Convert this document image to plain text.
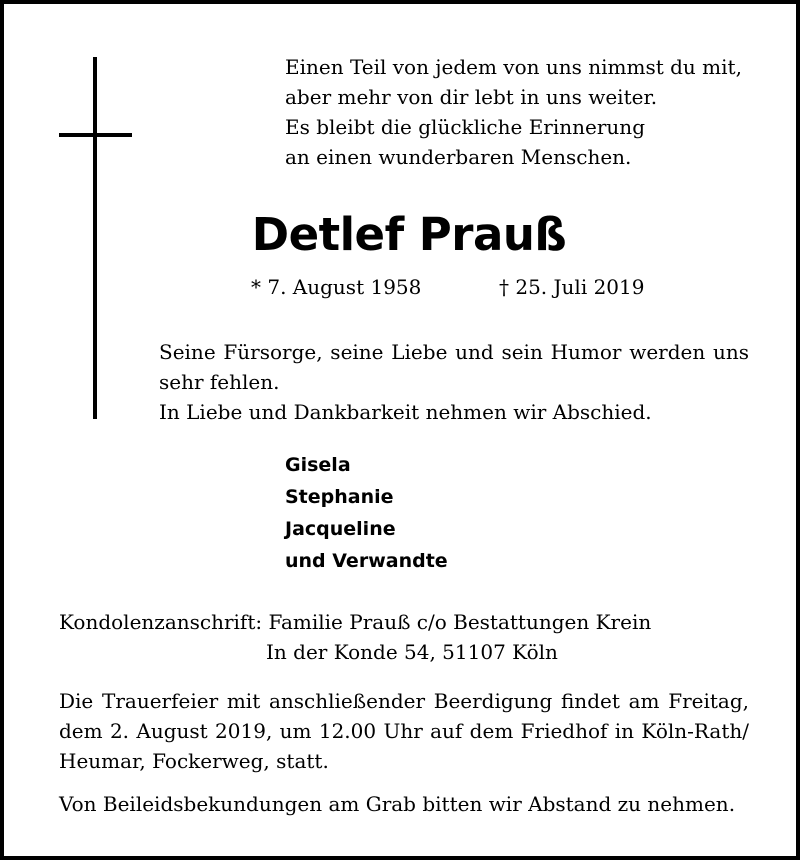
Einen Teil von jedem von uns nimmst du mit,
aber mehr von dir lebt in uns weiter.
Es bleibt die glückliche Erinnerung
an einen wunderbaren Menschen.
Detlef Prauß
* 7. August 1958	† 25. Juli 2019
Seine Fürsorge, seine Liebe und sein Humor werden uns
sehr fehlen.
In Liebe und Dankbarkeit nehmen wir Abschied.
Gisela
Stephanie
Jacqueline
und Verwandte
Kondolenzanschrift: Familie Prauß c/o Bestattungen Krein
In der Konde 54, 51107 Köln
Die Trauerfeier mit anschließender Beerdigung findet am Freitag,
dem 2. August 2019, um 12.00 Uhr auf dem Friedhof in Köln-Rath/
Heumar, Fockerweg, statt.
Von Beileidsbekundungen am Grab bitten wir Abstand zu nehmen.
